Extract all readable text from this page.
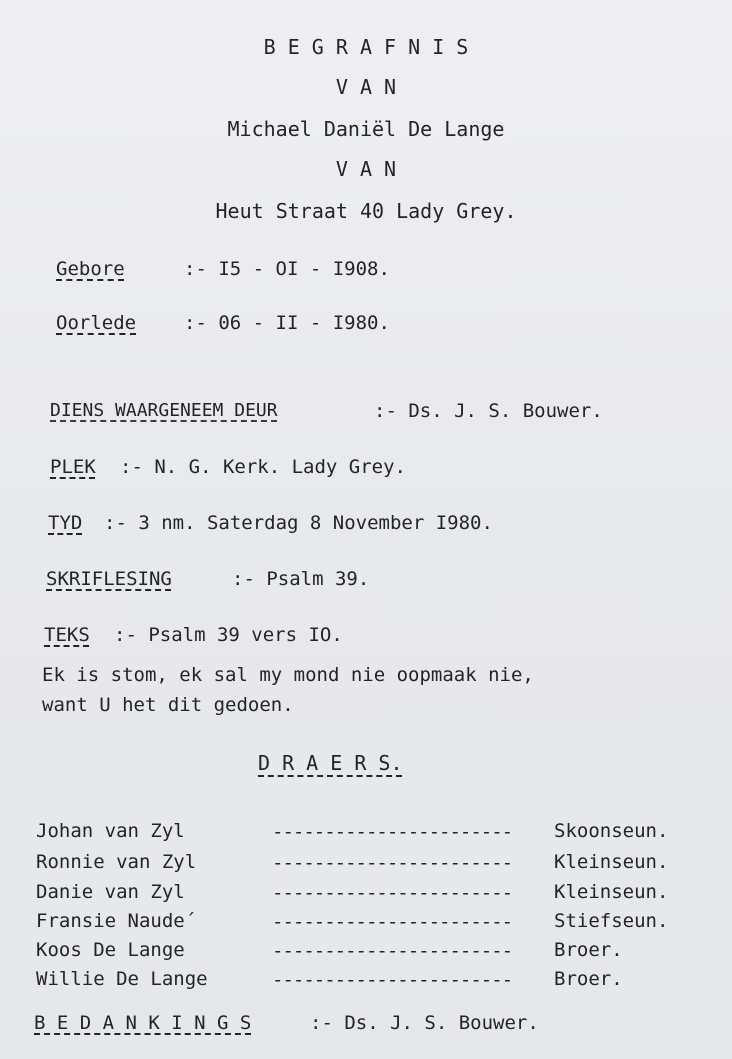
B E G R A F N I S
V A N
Michael Daniël De Lange
V A N
Heut Straat 40 Lady Grey.
Gebore	:- I5 - OI - I908.
Oorlede	:- 06 - II - I980.
DIENS WAARGENEEM DEUR	:- Ds. J. S. Bouwer.
PLEK :- N. G. Kerk. Lady Grey.
TYD :- 3 nm. Saterdag 8 November I980.
SKRIFLESING	:- Psalm 39.
TEKS :- Psalm 39 vers IO.
Ek is stom, ek sal my mond nie oopmaak nie,
want U het dit gedoen.
D R A E R S.
Johan van Zyl	-----------------------	Skoonseun.
Ronnie van Zyl	-----------------------	Kleinseun.
Danie van Zyl	-----------------------	Kleinseun.
Fransie Naude´	-----------------------	Stiefseun.
Koos De Lange	-----------------------	Broer.
Willie De Lange	-----------------------	Broer.
B E D A N K I N G S	:- Ds. J. S. Bouwer.
